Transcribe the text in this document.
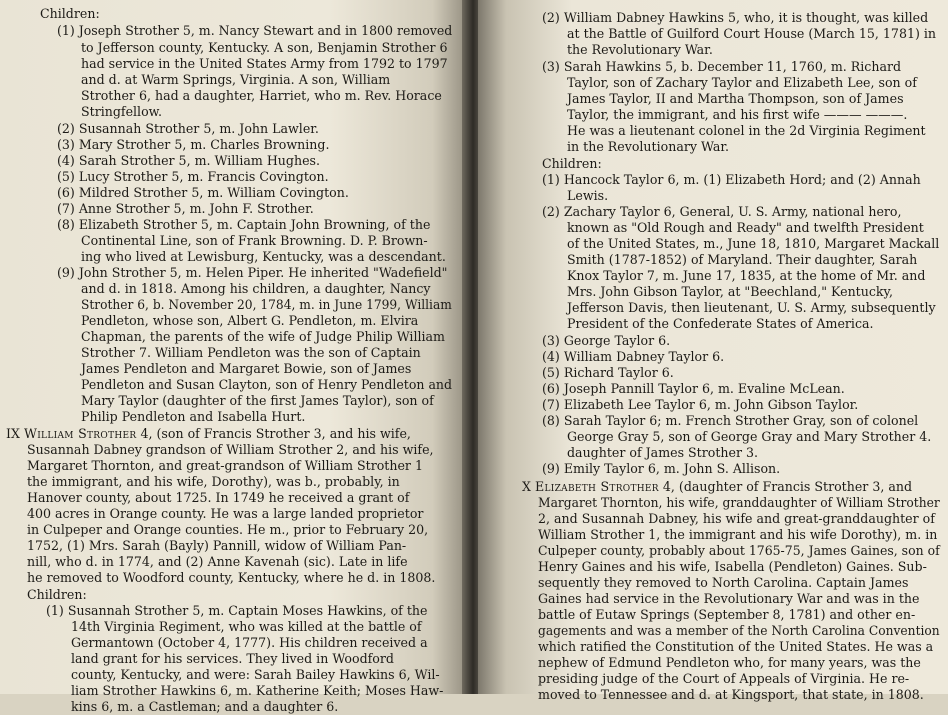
Children:
(1) Joseph Strother 5, m. Nancy Stewart and in 1800 removed
to Jefferson county, Kentucky. A son, Benjamin Strother 6
had service in the United States Army from 1792 to 1797
and d. at Warm Springs, Virginia. A son, William
Strother 6, had a daughter, Harriet, who m. Rev. Horace
Stringfellow.
(2) Susannah Strother 5, m. John Lawler.
(3) Mary Strother 5, m. Charles Browning.
(4) Sarah Strother 5, m. William Hughes.
(5) Lucy Strother 5, m. Francis Covington.
(6) Mildred Strother 5, m. William Covington.
(7) Anne Strother 5, m. John F. Strother.
(8) Elizabeth Strother 5, m. Captain John Browning, of the
Continental Line, son of Frank Browning. D. P. Brown-
ing who lived at Lewisburg, Kentucky, was a descendant.
(9) John Strother 5, m. Helen Piper. He inherited "Wadefield"
and d. in 1818. Among his children, a daughter, Nancy
Strother 6, b. November 20, 1784, m. in June 1799, William
Pendleton, whose son, Albert G. Pendleton, m. Elvira
Chapman, the parents of the wife of Judge Philip William
Strother 7. William Pendleton was the son of Captain
James Pendleton and Margaret Bowie, son of James
Pendleton and Susan Clayton, son of Henry Pendleton and
Mary Taylor (daughter of the first James Taylor), son of
Philip Pendleton and Isabella Hurt.
IX William Strother 4, (son of Francis Strother 3, and his wife,
Susannah Dabney grandson of William Strother 2, and his wife,
Margaret Thornton, and great-grandson of William Strother 1
the immigrant, and his wife, Dorothy), was b., probably, in
Hanover county, about 1725. In 1749 he received a grant of
400 acres in Orange county. He was a large landed proprietor
in Culpeper and Orange counties. He m., prior to February 20,
1752, (1) Mrs. Sarah (Bayly) Pannill, widow of William Pan-
nill, who d. in 1774, and (2) Anne Kavenah (sic). Late in life
he removed to Woodford county, Kentucky, where he d. in 1808.
Children:
(1) Susannah Strother 5, m. Captain Moses Hawkins, of the
14th Virginia Regiment, who was killed at the battle of
Germantown (October 4, 1777). His children received a
land grant for his services. They lived in Woodford
county, Kentucky, and were: Sarah Bailey Hawkins 6, Wil-
liam Strother Hawkins 6, m. Katherine Keith; Moses Haw-
kins 6, m. a Castleman; and a daughter 6.
(2) William Dabney Hawkins 5, who, it is thought, was killed
at the Battle of Guilford Court House (March 15, 1781) in
the Revolutionary War.
(3) Sarah Hawkins 5, b. December 11, 1760, m. Richard
Taylor, son of Zachary Taylor and Elizabeth Lee, son of
James Taylor, II and Martha Thompson, son of James
Taylor, the immigrant, and his first wife ——— ———.
He was a lieutenant colonel in the 2d Virginia Regiment
in the Revolutionary War.
Children:
(1) Hancock Taylor 6, m. (1) Elizabeth Hord; and (2) Annah
Lewis.
(2) Zachary Taylor 6, General, U. S. Army, national hero,
known as "Old Rough and Ready" and twelfth President
of the United States, m., June 18, 1810, Margaret Mackall
Smith (1787-1852) of Maryland. Their daughter, Sarah
Knox Taylor 7, m. June 17, 1835, at the home of Mr. and
Mrs. John Gibson Taylor, at "Beechland," Kentucky,
Jefferson Davis, then lieutenant, U. S. Army, subsequently
President of the Confederate States of America.
(3) George Taylor 6.
(4) William Dabney Taylor 6.
(5) Richard Taylor 6.
(6) Joseph Pannill Taylor 6, m. Evaline McLean.
(7) Elizabeth Lee Taylor 6, m. John Gibson Taylor.
(8) Sarah Taylor 6; m. French Strother Gray, son of colonel
George Gray 5, son of George Gray and Mary Strother 4.
daughter of James Strother 3.
(9) Emily Taylor 6, m. John S. Allison.
X Elizabeth Strother 4, (daughter of Francis Strother 3, and
Margaret Thornton, his wife, granddaughter of William Strother
2, and Susannah Dabney, his wife and great-granddaughter of
William Strother 1, the immigrant and his wife Dorothy), m. in
Culpeper county, probably about 1765-75, James Gaines, son of
Henry Gaines and his wife, Isabella (Pendleton) Gaines. Sub-
sequently they removed to North Carolina. Captain James
Gaines had service in the Revolutionary War and was in the
battle of Eutaw Springs (September 8, 1781) and other en-
gagements and was a member of the North Carolina Convention
which ratified the Constitution of the United States. He was a
nephew of Edmund Pendleton who, for many years, was the
presiding judge of the Court of Appeals of Virginia. He re-
moved to Tennessee and d. at Kingsport, that state, in 1808.
